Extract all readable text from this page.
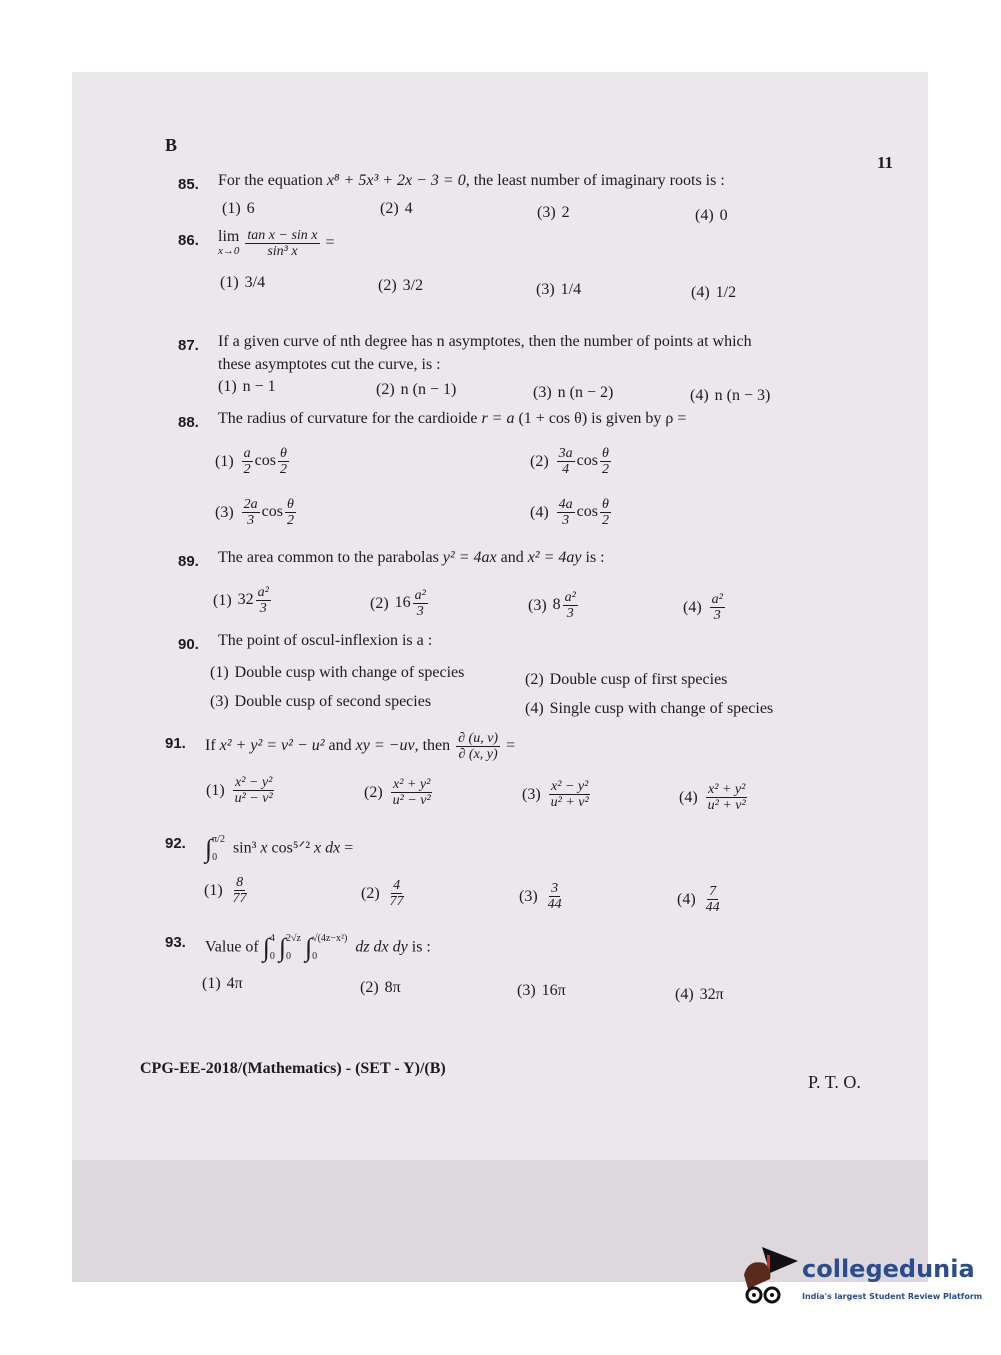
B
11
85. For the equation x⁸ + 5x³ + 2x − 3 = 0, the least number of imaginary roots is :
(1) 6	(2) 4	(3) 2	(4) 0
86. lim
$x\to 0 \frac{\text{tan x − sin x}}{\text{sin³ x}}$ =
(1) 3/4	(2) 3/2	(3) 1/4	(4) 1/2
87. If a given curve of nth degree has n asymptotes, then the number of points at which
these asymptotes cut the curve, is :
(1) n − 1	(2) n (n − 1)	(3) n (n − 2)	(4) n (n − 3)
88. The radius of curvature for the cardioide r = a (1 + cos θ) is given by ρ =
$(1) \frac{a}{2}$ $\cos \frac{\theta}{2}$	$(2) \frac{3a}{4}$ $\cos \frac{\theta}{2}$
$(3) \frac{2a}{3}$ $\cos \frac{\theta}{2}$	$(4) \frac{4a}{3}$ $\cos \frac{\theta}{2}$
89. The area common to the parabolas y² = 4ax and x² = 4ay is :
(1) $32 \frac{\text{a²}}{3}$	(2) $16 \frac{\text{a²}}{3}$	(3) $8 \frac{\text{a²}}{3}$	$(4) \frac{\text{a²}}{3}$
90. The point of oscul-inflexion is a :
(1) Double cusp with change of species	(2) Double cusp of first species
(3) Double cusp of second species	(4) Single cusp with change of species
91. If x² + y² = v² − u² and xy = −uv, then $\frac{\partial (u, v)}{\partial (x, y)}$ =
$(1) \frac{\text{x² − y²}}{\text{u² − v²}}$	$(2) \frac{\text{x² + y²}}{\text{u² − v²}}$	$(3) \frac{\text{x² − y²}}{\text{u² + v²}}$	$(4) \frac{\text{x² + y²}}{\text{u² + v²}}$
92. ∫ π/2
0
sin³ x cos⁵ᐟ² x dx =
$(1) \frac{8}{77}$	$(2) \frac{4}{77}$	$(3) \frac{3}{44}$	$(4) \frac{7}{44}$
93. Value of ∫ 4
0 ∫ 2√z
0 ∫ √(4z−x²)
0
dz dx dy is :
(1) 4π	(2) 8π	(3) 16π	(4) 32π
CPG-EE-2018/(Mathematics) - (SET - Y)/(B)
P. T. O.
collegedunia
India's largest Student Review Platform
